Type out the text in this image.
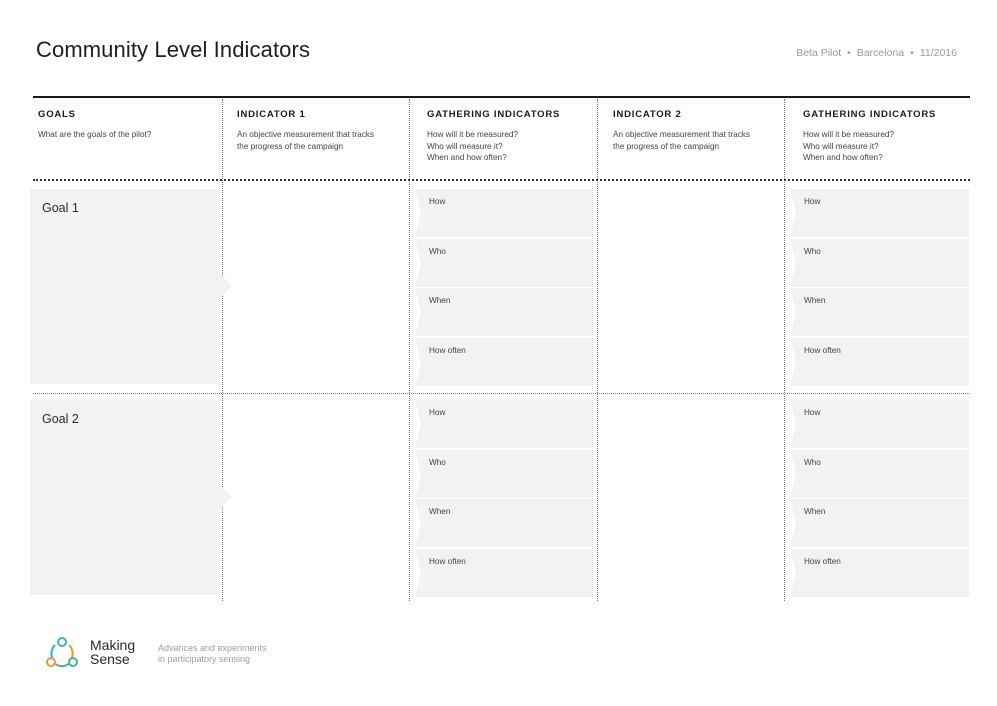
Community Level Indicators	Beta Pilot • Barcelona • 11/2016
GOALS
What are the goals of the pilot?
INDICATOR 1
An objective measurement that tracks
the progress of the campaign
GATHERING INDICATORS
How will it be measured?
Who will measure it?
When and how often?
INDICATOR 2
An objective measurement that tracks
the progress of the campaign
GATHERING INDICATORS
How will it be measured?
Who will measure it?
When and how often?
Goal 1
Goal 2
How
Who
When
How often
How
Who
When
How often
How
Who
When
How often
How
Who
When
How often
Making
Sense
Advances and experiments
in participatory sensing
